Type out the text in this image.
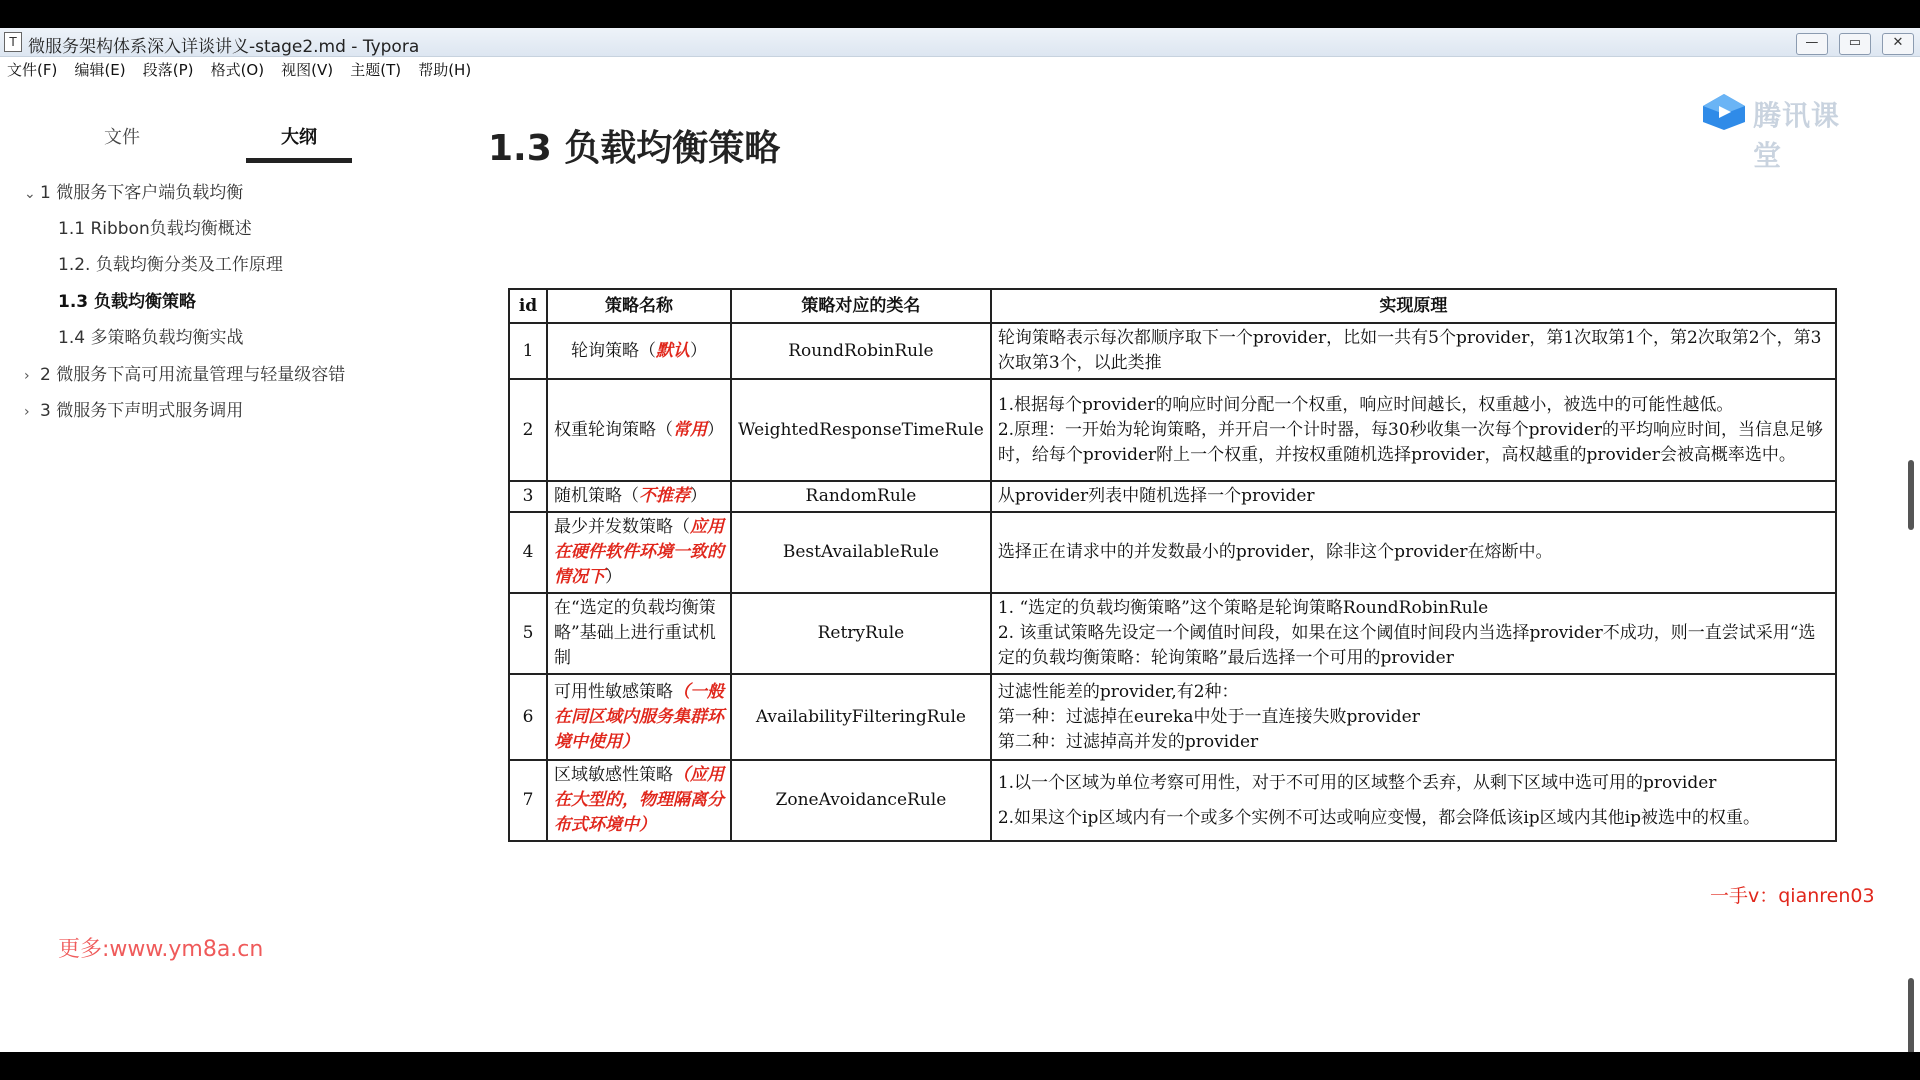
T 微服务架构体系深入详谈讲义-stage2.md - Typora	— ▭ ✕
文件(F) 编辑(E) 段落(P) 格式(O) 视图(V) 主题(T) 帮助(H)
腾讯课堂
文件	大纲
⌄ 1 微服务下客户端负载均衡
1.1 Ribbon负载均衡概述
1.2. 负载均衡分类及工作原理
1.3 负载均衡策略
1.4 多策略负载均衡实战
› 2 微服务下高可用流量管理与轻量级容错
› 3 微服务下声明式服务调用
1.3 负载均衡策略
id	策略名称	策略对应的类名	实现原理
1	轮询策略（默认）	RoundRobinRule	轮询策略表示每次都顺序取下一个provider，比如一共有5个provider，第1次取第1个，第2次取第2个，第3次取第3个，以此类推
2	权重轮询策略（常用）	WeightedResponseTimeRule	1.根据每个provider的响应时间分配一个权重，响应时间越长，权重越小，被选中的可能性越低。
2.原理：一开始为轮询策略，并开启一个计时器，每30秒收集一次每个provider的平均响应时间，当信息足够时，给每个provider附上一个权重，并按权重随机选择provider，高权越重的provider会被高概率选中。

3	随机策略（不推荐）	RandomRule	从provider列表中随机选择一个provider
4	最少并发数策略（应用在硬件软件环境一致的情况下）	BestAvailableRule	选择正在请求中的并发数最小的provider，除非这个provider在熔断中。
5	在“选定的负载均衡策略”基础上进行重试机制	RetryRule	1. “选定的负载均衡策略”这个策略是轮询策略RoundRobinRule
2. 该重试策略先设定一个阈值时间段，如果在这个阈值时间段内当选择provider不成功，则一直尝试采用“选定的负载均衡策略：轮询策略”最后选择一个可用的provider

6	可用性敏感策略（一般在同区域内服务集群环境中使用）	AvailabilityFilteringRule	过滤性能差的provider,有2种：
第一种：过滤掉在eureka中处于一直连接失败provider
第二种：过滤掉高并发的provider

7	区域敏感性策略（应用在大型的，物理隔离分布式环境中）	ZoneAvoidanceRule	1.以一个区域为单位考察可用性，对于不可用的区域整个丢弃，从剩下区域中选可用的provider
2.如果这个ip区域内有一个或多个实例不可达或响应变慢，都会降低该ip区域内其他ip被选中的权重。
一手v：qianren03
更多:www.ym8a.cn
